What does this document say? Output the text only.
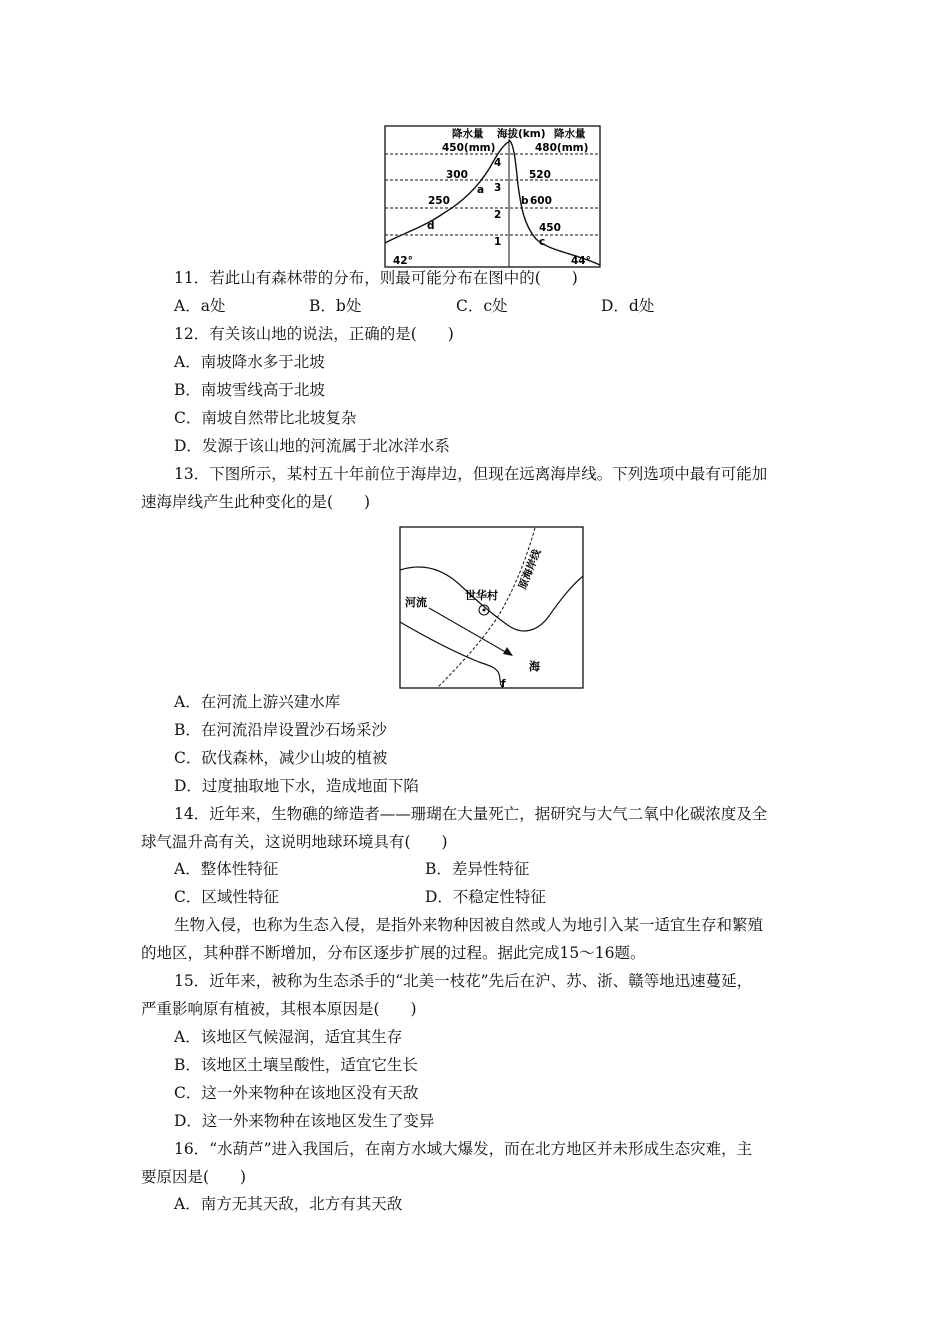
降水量 海拔(km) 降水量
450(mm)	480(mm)
4
3
2
1
300
250
520
600
450
a
b
c
d
42°	44°
11．若此山有森林带的分布，则最可能分布在图中的(　　)
A．a处	B．b处	C．c处	D．d处
12．有关该山地的说法，正确的是(　　)
A．南坡降水多于北坡
B．南坡雪线高于北坡
C．南坡自然带比北坡复杂
D．发源于该山地的河流属于北冰洋水系
13．下图所示，某村五十年前位于海岸边，但现在远离海岸线。下列选项中最有可能加
速海岸线产生此种变化的是(　　)
世华村
河流
海
原海岸线
f
A．在河流上游兴建水库
B．在河流沿岸设置沙石场采沙
C．砍伐森林，减少山坡的植被
D．过度抽取地下水，造成地面下陷
14．近年来，生物礁的缔造者——珊瑚在大量死亡，据研究与大气二氧中化碳浓度及全
球气温升高有关，这说明地球环境具有(　　)
A．整体性特征	B．差异性特征
C．区域性特征	D．不稳定性特征
生物入侵，也称为生态入侵，是指外来物种因被自然或人为地引入某一适宜生存和繁殖
的地区，其种群不断增加，分布区逐步扩展的过程。据此完成15～16题。
15．近年来，被称为生态杀手的“北美一枝花”先后在沪、苏、浙、赣等地迅速蔓延，
严重影响原有植被，其根本原因是(　　)
A．该地区气候湿润，适宜其生存
B．该地区土壤呈酸性，适宜它生长
C．这一外来物种在该地区没有天敌
D．这一外来物种在该地区发生了变异
16．“水葫芦”进入我国后，在南方水域大爆发，而在北方地区并未形成生态灾难，主
要原因是(　　)
A．南方无其天敌，北方有其天敌
